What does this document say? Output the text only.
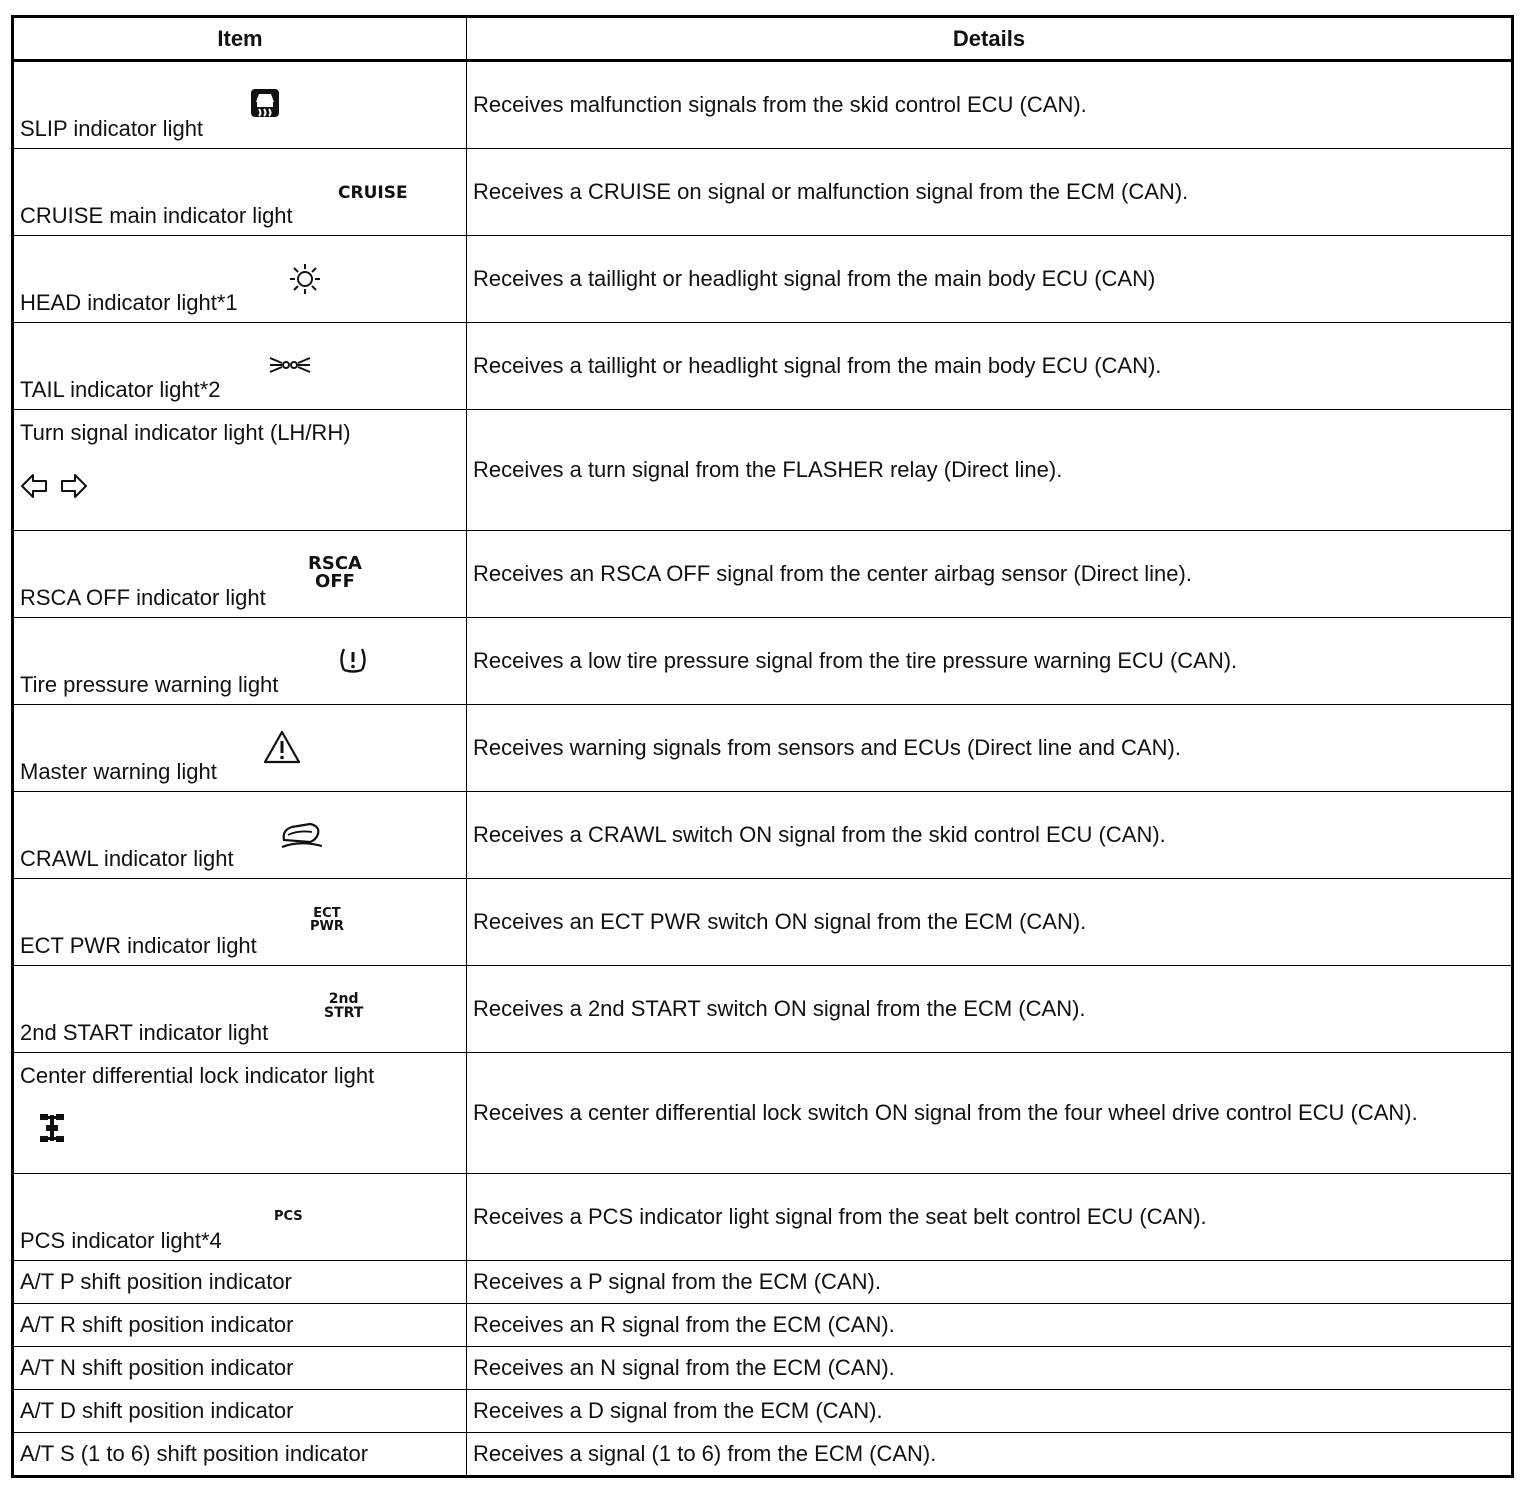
Item	Details

SLIP indicator light	Receives malfunction signals from the skid control ECU (CAN).

CRUISE
CRUISE main indicator light	Receives a CRUISE on signal or malfunction signal from the ECM (CAN).

HEAD indicator light*1	Receives a taillight or headlight signal from the main body ECU (CAN)

TAIL indicator light*2	Receives a taillight or headlight signal from the main body ECU (CAN).

Turn signal indicator light (LH/RH)	Receives a turn signal from the FLASHER relay (Direct line).

RSCA
OFF
RSCA OFF indicator light	Receives an RSCA OFF signal from the center airbag sensor (Direct line).

Tire pressure warning light	Receives a low tire pressure signal from the tire pressure warning ECU (CAN).

Master warning light	Receives warning signals from sensors and ECUs (Direct line and CAN).

CRAWL indicator light	Receives a CRAWL switch ON signal from the skid control ECU (CAN).

ECT
PWR
ECT PWR indicator light	Receives an ECT PWR switch ON signal from the ECM (CAN).

2nd
STRT
2nd START indicator light	Receives a 2nd START switch ON signal from the ECM (CAN).

Center differential lock indicator light	Receives a center differential lock switch ON signal from the four wheel drive control ECU (CAN).

PCS
PCS indicator light*4	Receives a PCS indicator light signal from the seat belt control ECU (CAN).
A/T P shift position indicator	Receives a P signal from the ECM (CAN).
A/T R shift position indicator	Receives an R signal from the ECM (CAN).
A/T N shift position indicator	Receives an N signal from the ECM (CAN).
A/T D shift position indicator	Receives a D signal from the ECM (CAN).
A/T S (1 to 6) shift position indicator	Receives a signal (1 to 6) from the ECM (CAN).
